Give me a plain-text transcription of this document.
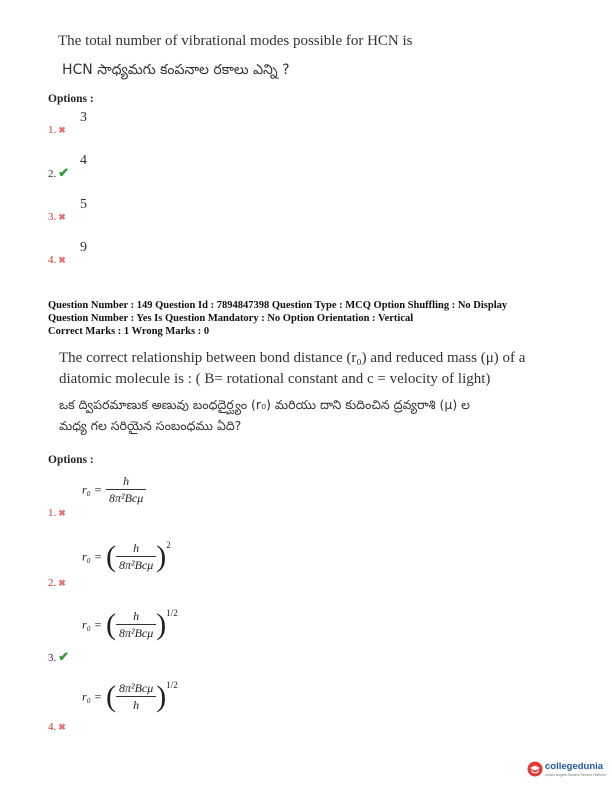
The total number of vibrational modes possible for HCN is
HCN సాధ్యమగు కంపనాల రకాలు ఎన్ని ?
Options :
1. ✖
3
2. ✔
4
3. ✖
5
4. ✖
9
Question Number : 149 Question Id : 7894847398 Question Type : MCQ Option Shuffling : No Display
Question Number : Yes Is Question Mandatory : No Option Orientation : Vertical
Correct Marks : 1 Wrong Marks : 0
The correct relationship between bond distance (r₀) and reduced mass (μ) of a
diatomic molecule is : ( B= rotational constant and c = velocity of light)
ఒక ద్విపరమాణుక అణువు బంధదైర్ఘ్యం (r₀) మరియు దాని కుదించిన ద్రవ్యరాశి (μ) ల
మధ్య గల సరియైన సంబంధము ఏది?
Options :
$r_0 = \frac{h}{\text{8π²Bcμ}}$
1. ✖
r₀ = ( $\frac{h}{\text{8π²Bcμ}} )^2$
2. ✖
r₀ = ( $\frac{h}{\text{8π²Bcμ}} )^{1/2}$
3. ✔
r₀ = ( $\frac{\text{8π²Bcμ}}{h} )^{1/2}$
4. ✖
collegedunia
India's largest Student Review Platform
